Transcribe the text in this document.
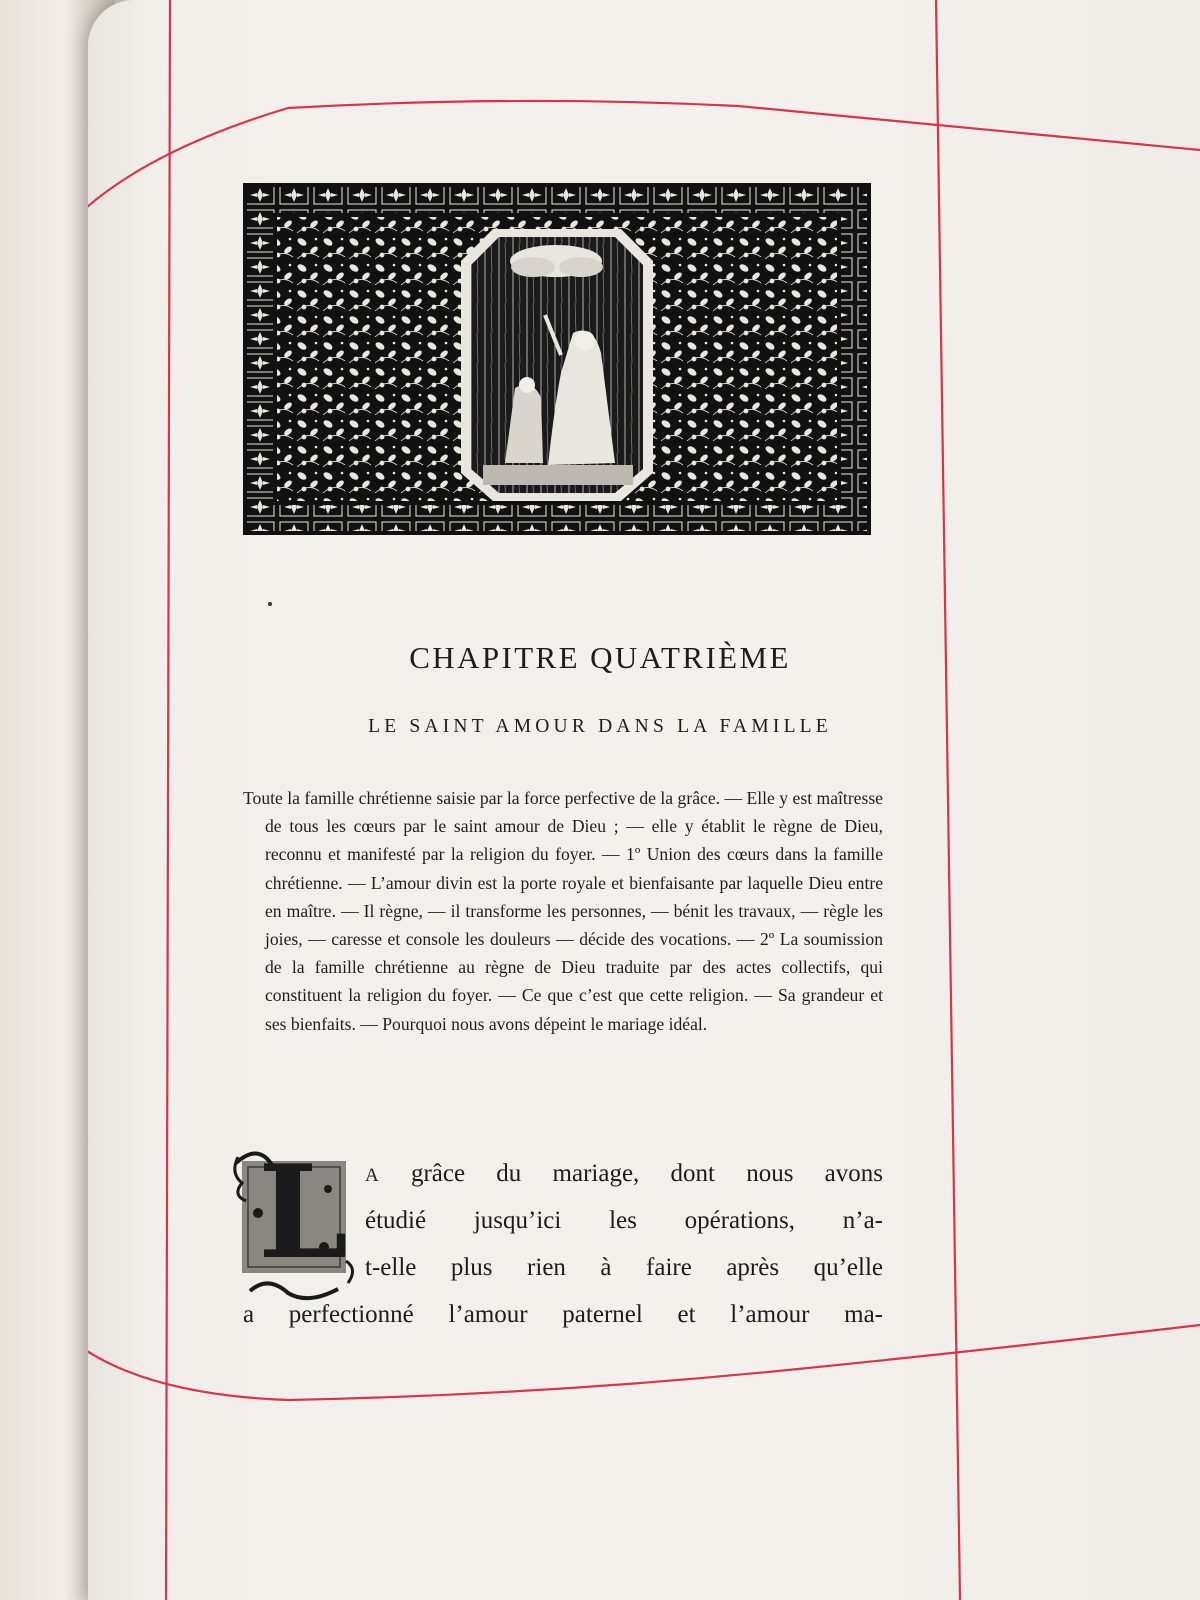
CHAPITRE QUATRIÈME
LE SAINT AMOUR DANS LA FAMILLE
Toute la famille chrétienne saisie par la force perfective de la grâce. — Elle y est maîtresse de tous les cœurs par le saint amour de Dieu ; — elle y établit le règne de Dieu, reconnu et manifesté par la religion du foyer. — 1º Union des cœurs dans la famille chrétienne. — L’amour divin est la porte royale et bienfaisante par laquelle Dieu entre en maître. — Il règne, — il transforme les personnes, — bénit les travaux, — règle les joies, — caresse et console les douleurs — décide des vocations. — 2º La soumission de la famille chrétienne au règne de Dieu traduite par des actes collectifs, qui constituent la religion du foyer. — Ce que c’est que cette religion. — Sa grandeur et ses bienfaits. — Pourquoi nous avons dépeint le mariage idéal.
L A grâce du mariage, dont nous avons
étudié jusqu’ici les opérations, n’a-
t-elle plus rien à faire après qu’elle
a perfectionné l’amour paternel et l’amour ma-
